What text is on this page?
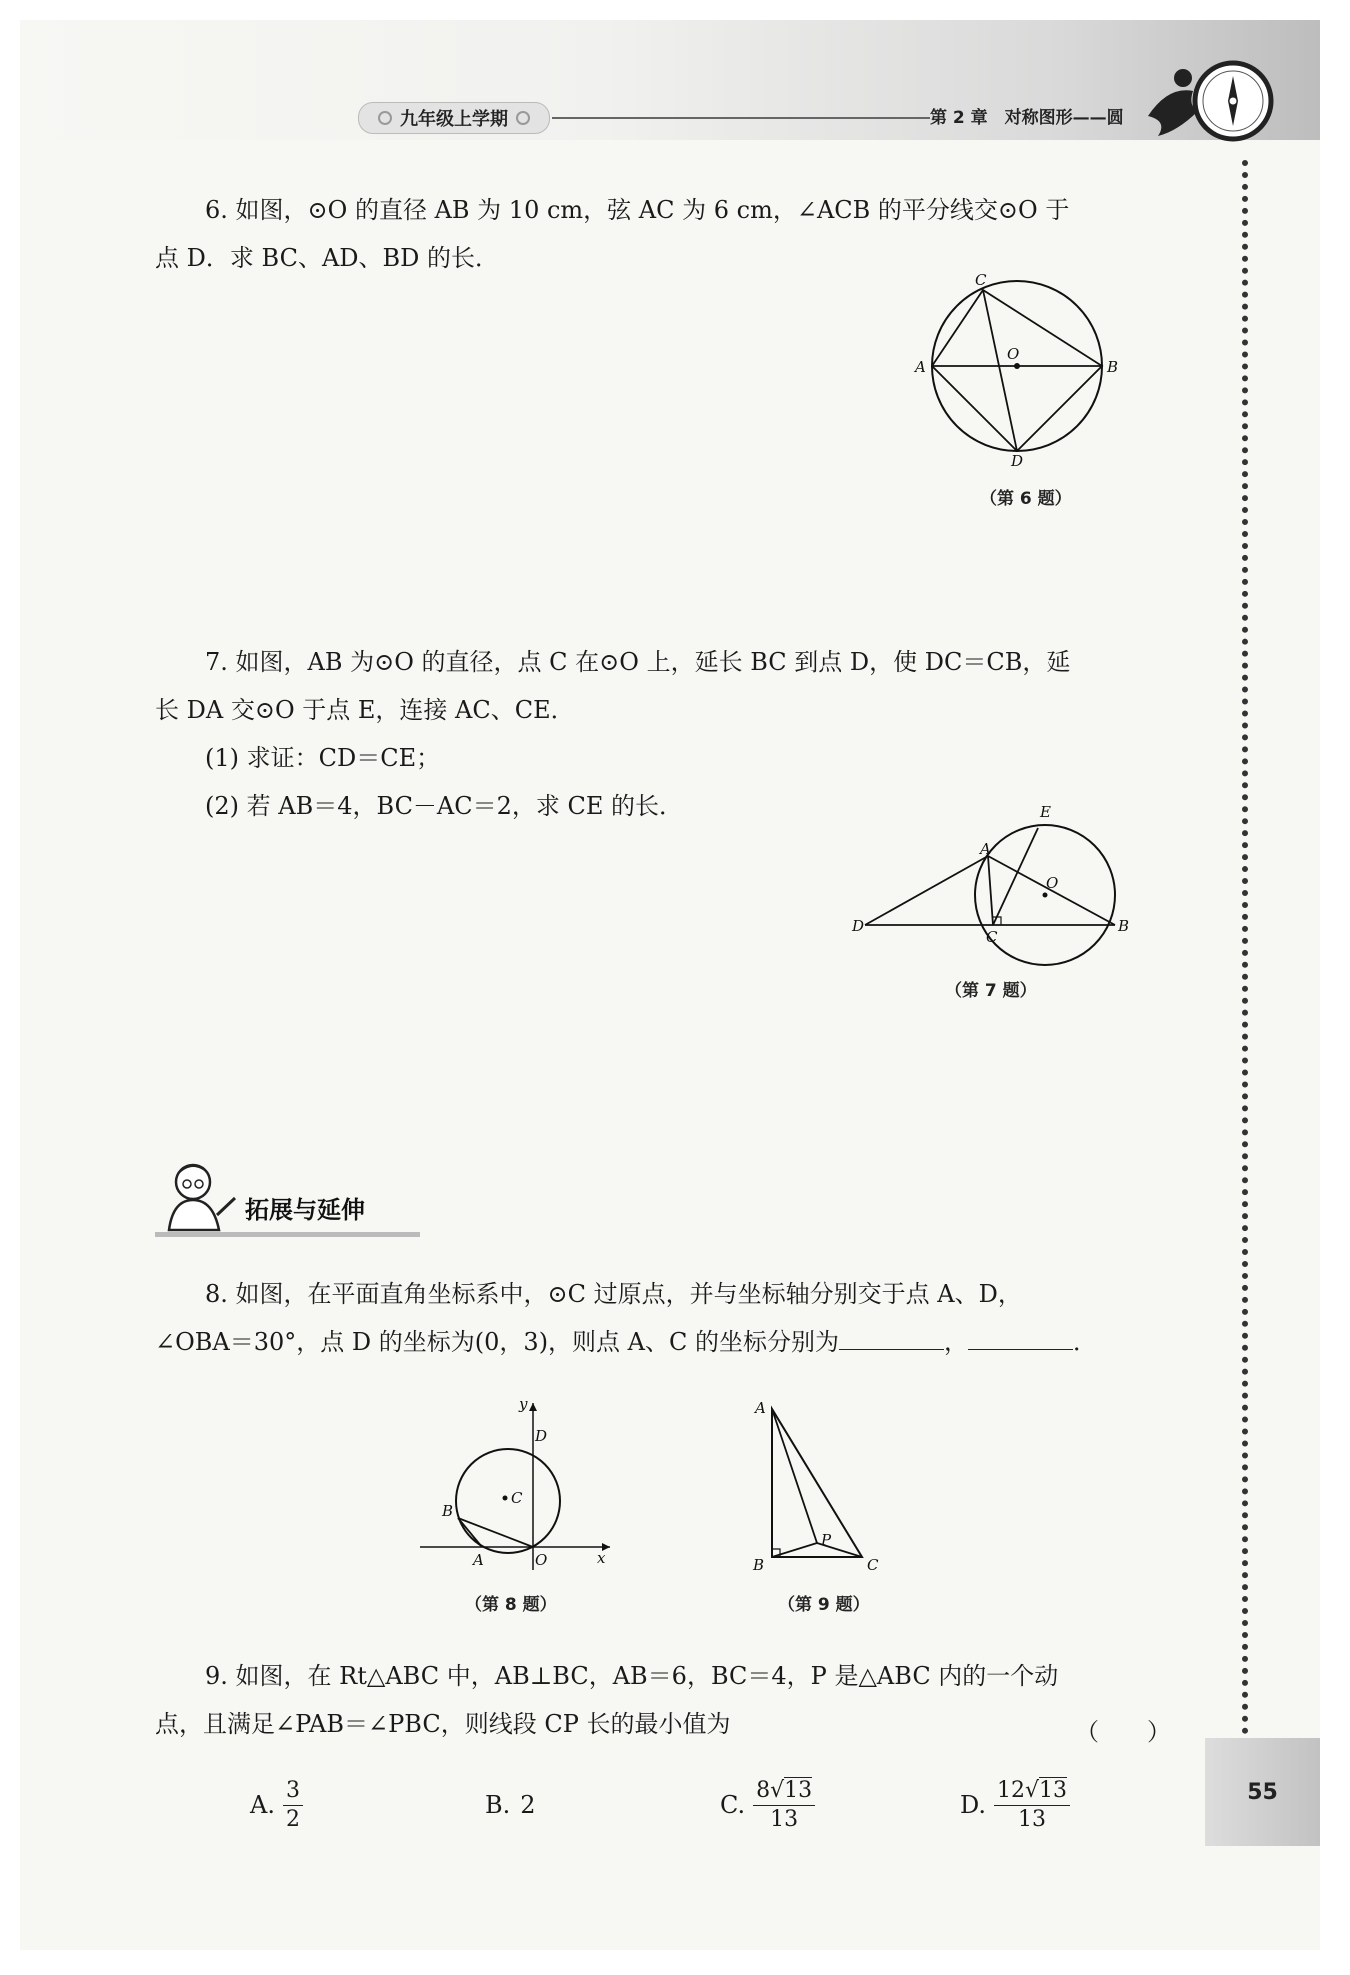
九年级上学期	第 2 章　对称图形——圆
55
6. 如图，⊙O 的直径 AB 为 10 cm，弦 AC 为 6 cm，∠ACB 的平分线交⊙O 于
点 D．求 BC、AD、BD 的长．
A	B
C
D
O
（第 6 题）
7. 如图，AB 为⊙O 的直径，点 C 在⊙O 上，延长 BC 到点 D，使 DC＝CB，延
长 DA 交⊙O 于点 E，连接 AC、CE．
(1) 求证：CD＝CE；
(2) 若 AB＝4，BC－AC＝2，求 CE 的长．
D
A
E
O
C
B
（第 7 题）
拓展与延伸
8. 如图，在平面直角坐标系中，⊙C 过原点，并与坐标轴分别交于点 A、D，
∠OBA＝30°，点 D 的坐标为(0，3)，则点 A、C 的坐标分别为	，	．
C
D
B
A	O	x
y
（第 8 题）
A
B	C
P
（第 9 题）
9. 如图，在 Rt△ABC 中，AB⊥BC，AB＝6，BC＝4，P 是△ABC 内的一个动
点，且满足∠PAB＝∠PBC，则线段 CP 长的最小值为	（　　）
A. $\frac{3}{2}$	B. 2	C. $\frac{8√13}{13}$	D. $\frac{12√13}{13}$
